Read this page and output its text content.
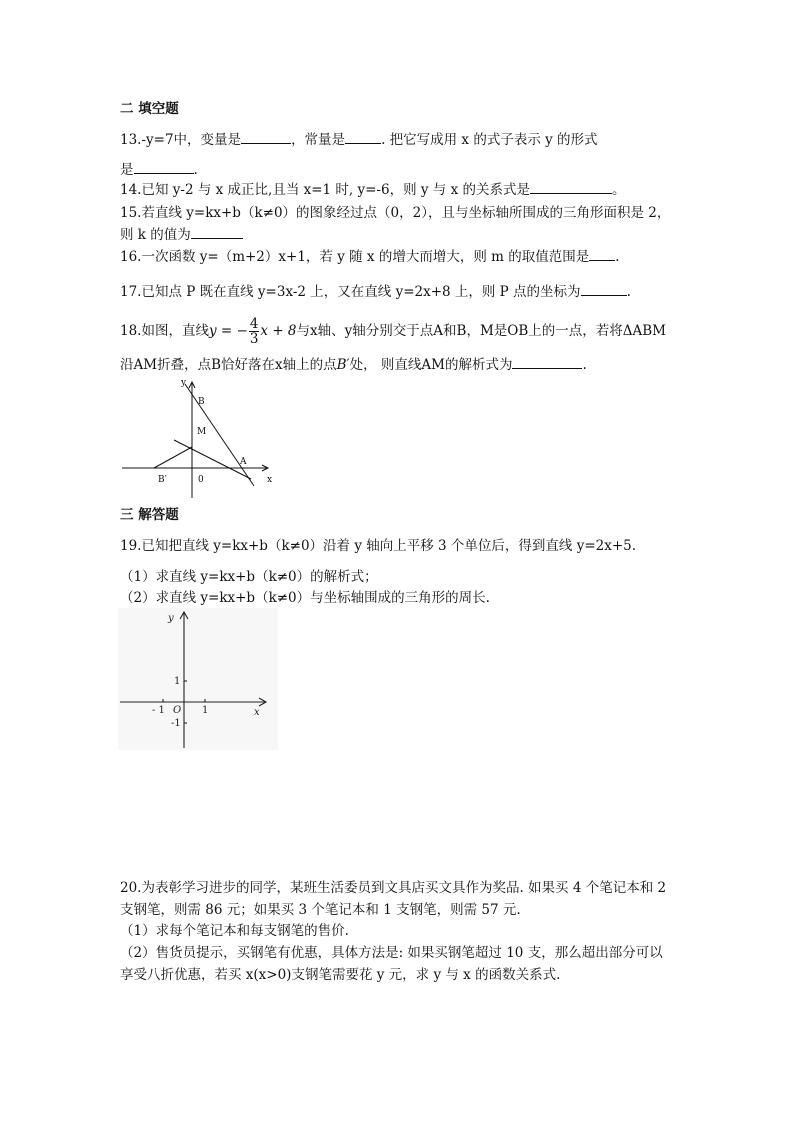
二 填空题
13.-y=7中，变量是	，常量是	. 把它写成用 x 的式子表示 y 的形式
是	.
14.已知 y-2 与 x 成正比,且当 x=1 时, y=-6，则 y 与 x 的关系式是	。
15.若直线 y=kx+b（k≠0）的图象经过点（0，2），且与坐标轴所围成的三角形面积是 2，
则 k 的值为
16.一次函数 y=（m+2）x+1，若 y 随 x 的增大而增大，则 m 的取值范围是 .
17.已知点 P 既在直线 y=3x-2 上，又在直线 y=2x+8 上，则 P 点的坐标为	.
18.如图，直线y = − $\frac{4}{3}$ x + 8与x轴、y轴分别交于点A和B，M是OB上的一点，若将ΔABM
沿AM折叠，点B恰好落在x轴上的点B′处， 则直线AM的解析式为	.
y
B
M
A
0
B′	x
三 解答题
19.已知把直线 y=kx+b（k≠0）沿着 y 轴向上平移 3 个单位后，得到直线 y=2x+5.
（1）求直线 y=kx+b（k≠0）的解析式；
（2）求直线 y=kx+b（k≠0）与坐标轴围成的三角形的周长.
y
1
- 1 O 1
-1
x
20.为表彰学习进步的同学，某班生活委员到文具店买文具作为奖品. 如果买 4 个笔记本和 2
支钢笔，则需 86 元；如果买 3 个笔记本和 1 支钢笔，则需 57 元.
（1）求每个笔记本和每支钢笔的售价.
（2）售货员提示，买钢笔有优惠，具体方法是: 如果买钢笔超过 10 支，那么超出部分可以
享受八折优惠，若买 x(x>0)支钢笔需要花 y 元，求 y 与 x 的函数关系式.
